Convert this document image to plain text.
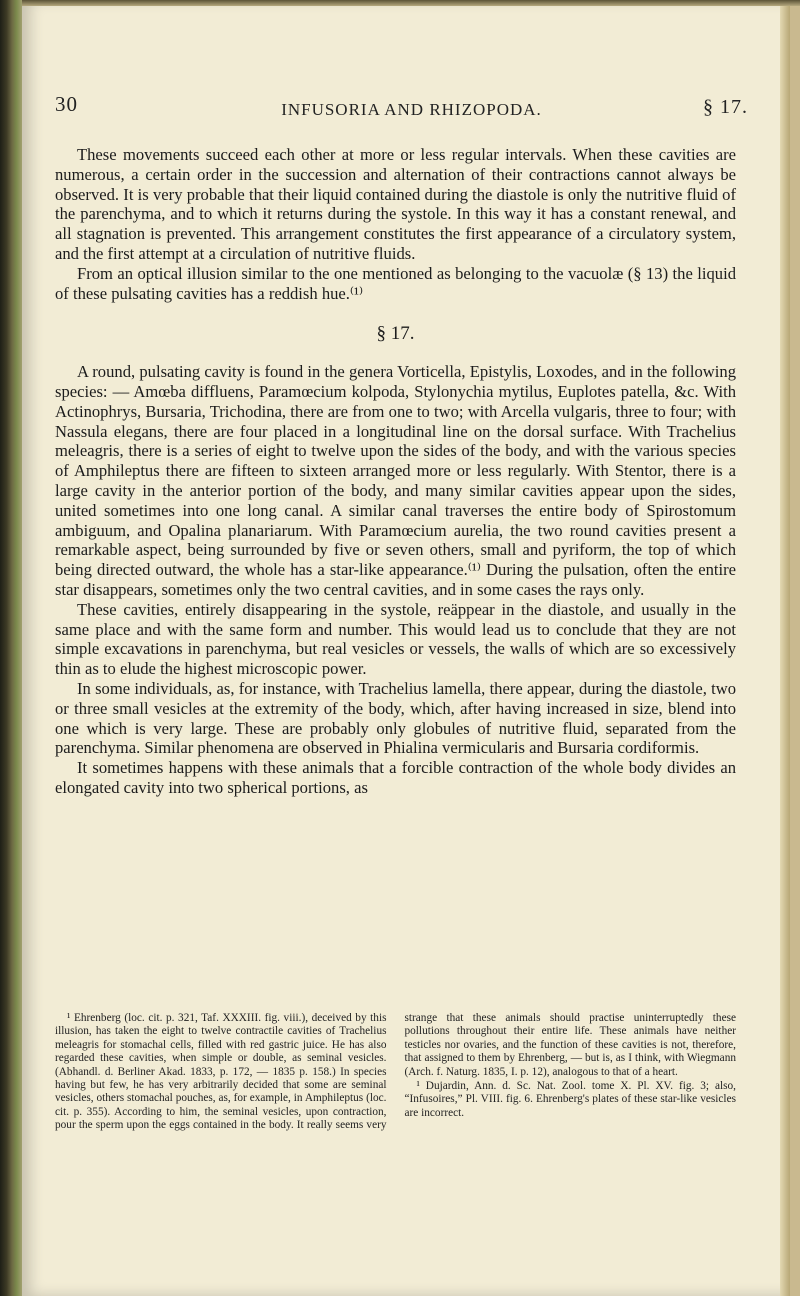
30	INFUSORIA AND RHIZOPODA.	§ 17.

These movements succeed each other at more or less regular intervals. When these cavities are numerous, a certain order in the succession and alternation of their contractions cannot always be observed. It is very probable that their liquid contained during the diastole is only the nutritive fluid of the parenchyma, and to which it returns during the systole. In this way it has a constant renewal, and all stagnation is prevented. This arrangement constitutes the first appearance of a circulatory system, and the first attempt at a circulation of nutritive fluids.

From an optical illusion similar to the one mentioned as belonging to the vacuolæ (§ 13) the liquid of these pulsating cavities has a reddish hue.⁽¹⁾

§ 17.

A round, pulsating cavity is found in the genera Vorticella, Epistylis, Loxodes, and in the following species: — Amœba diffluens, Paramœcium kolpoda, Stylonychia mytilus, Euplotes patella, &c. With Actinophrys, Bursaria, Trichodina, there are from one to two; with Arcella vulgaris, three to four; with Nassula elegans, there are four placed in a longitudinal line on the dorsal surface. With Trachelius meleagris, there is a series of eight to twelve upon the sides of the body, and with the various species of Amphileptus there are fifteen to sixteen arranged more or less regularly. With Stentor, there is a large cavity in the anterior portion of the body, and many similar cavities appear upon the sides, united sometimes into one long canal. A similar canal traverses the entire body of Spirostomum ambiguum, and Opalina planariarum. With Paramœcium aurelia, the two round cavities present a remarkable aspect, being surrounded by five or seven others, small and pyriform, the top of which being directed outward, the whole has a star-like appearance.⁽¹⁾ During the pulsation, often the entire star disappears, sometimes only the two central cavities, and in some cases the rays only.

These cavities, entirely disappearing in the systole, reäppear in the diastole, and usually in the same place and with the same form and number. This would lead us to conclude that they are not simple excavations in parenchyma, but real vesicles or vessels, the walls of which are so excessively thin as to elude the highest microscopic power.

In some individuals, as, for instance, with Trachelius lamella, there appear, during the diastole, two or three small vesicles at the extremity of the body, which, after having increased in size, blend into one which is very large. These are probably only globules of nutritive fluid, separated from the parenchyma. Similar phenomena are observed in Phialina vermicularis and Bursaria cordiformis.

It sometimes happens with these animals that a forcible contraction of the whole body divides an elongated cavity into two spherical portions, as

¹ Ehrenberg (loc. cit. p. 321, Taf. XXXIII. fig. viii.), deceived by this illusion, has taken the eight to twelve contractile cavities of Trachelius meleagris for stomachal cells, filled with red gastric juice. He has also regarded these cavities, when simple or double, as seminal vesicles. (Abhandl. d. Berliner Akad. 1833, p. 172, — 1835 p. 158.) In species having but few, he has very arbitrarily decided that some are seminal vesicles, others stomachal pouches, as, for example, in Amphileptus (loc. cit. p. 355). According to him, the seminal vesicles, upon contraction, pour the sperm upon the eggs contained in the body. It really seems very strange that these animals should practise uninterruptedly these pollutions throughout their entire life. These animals have neither testicles nor ovaries, and the function of these cavities is not, therefore, that assigned to them by Ehrenberg, — but is, as I think, with Wiegmann (Arch. f. Naturg. 1835, I. p. 12), analogous to that of a heart.

¹ Dujardin, Ann. d. Sc. Nat. Zool. tome X. Pl. XV. fig. 3; also, “Infusoires,” Pl. VIII. fig. 6. Ehrenberg's plates of these star-like vesicles are incorrect.
